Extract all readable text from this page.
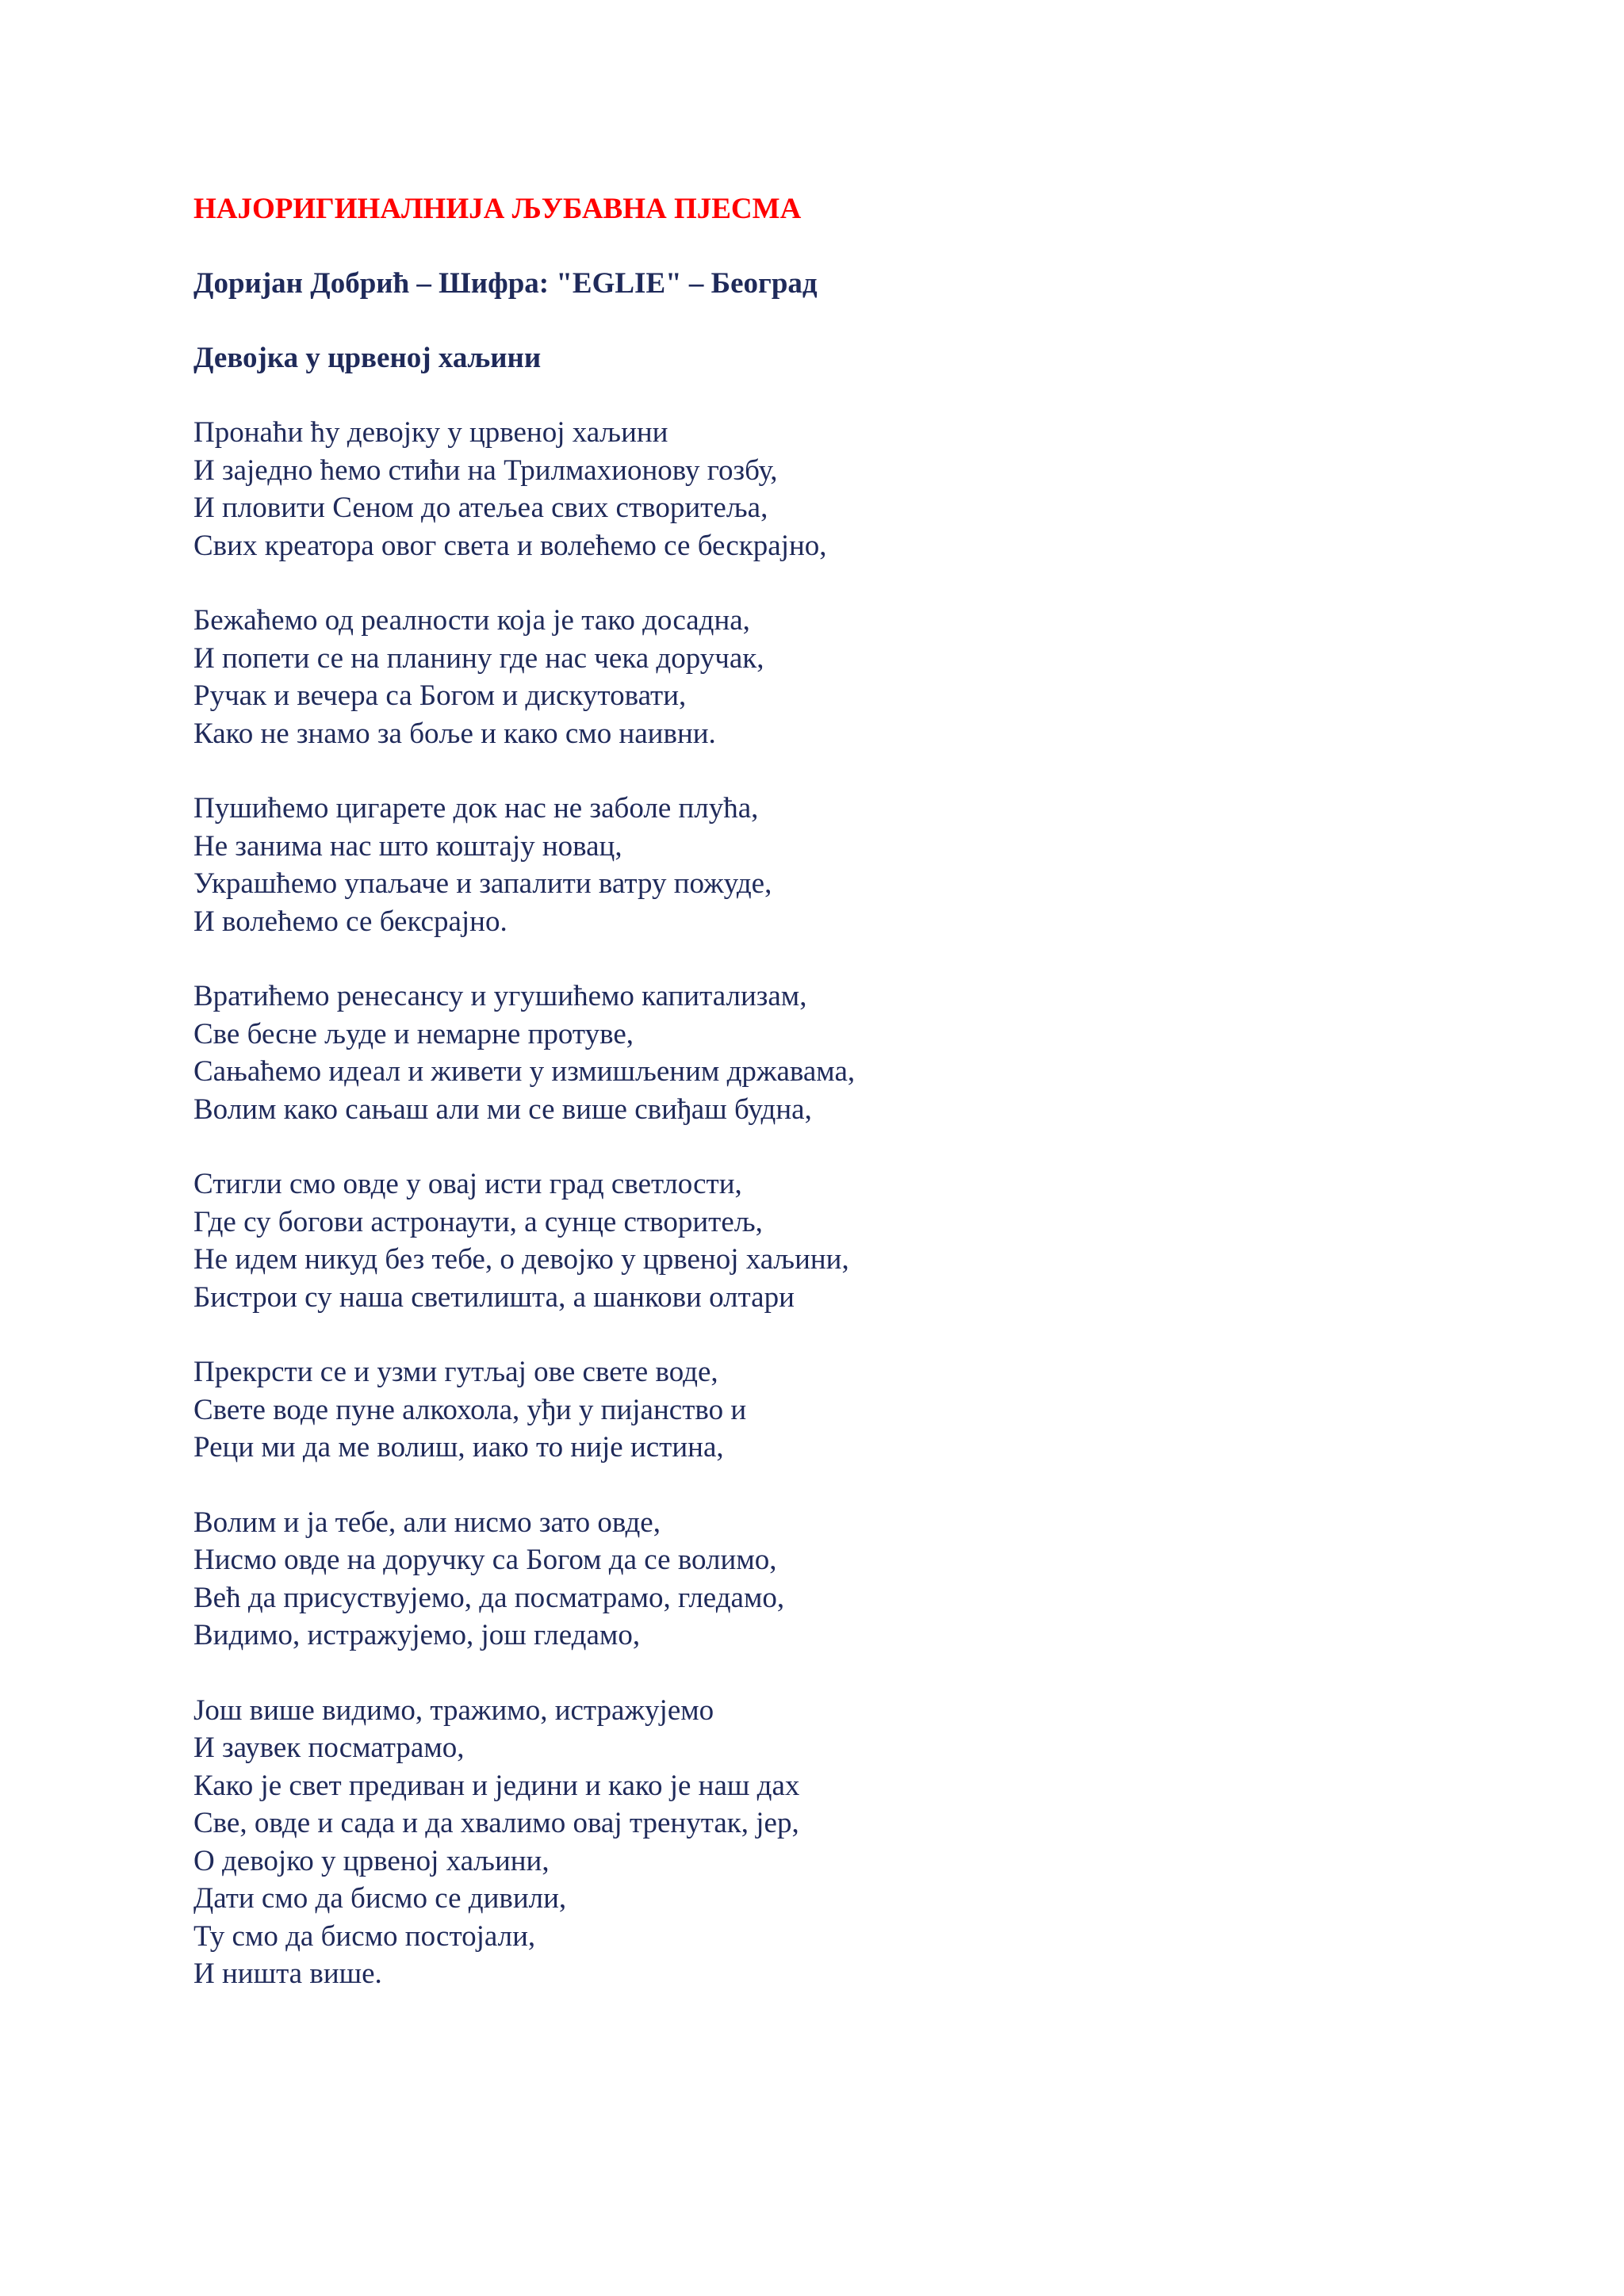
НАЈОРИГИНАЛНИЈА ЉУБАВНА ПЈЕСМА
Доријан Добрић – Шифра: "EGLIE" – Београд
Девојка у црвеној хаљини
Пронаћи ћу девојку у црвеној хаљини
И заједно ћемо стићи на Трилмахионову гозбу,
И пловити Сеном до атељеа свих створитеља,
Свих креатора овог света и волећемо се бескрајно,
Бежаћемо од реалности која је тако досадна,
И попети се на планину где нас чека доручак,
Ручак и вечера са Богом и дискутовати,
Како не знамо за боље и како смо наивни.
Пушићемо цигарете док нас не заболе плућа,
Не занима нас што коштају новац,
Украшћемо упаљаче и запалити ватру пожуде,
И волећемо се бексрајно.
Вратићемо ренесансу и угушићемо капитализам,
Све бесне људе и немарне протуве,
Сањаћемо идеал и живети у измишљеним државама,
Волим како сањаш али ми се више свиђаш будна,
Стигли смо овде у овај исти град светлости,
Где су богови астронаути, а сунце створитељ,
Не идем никуд без тебе, о девојко у црвеној хаљини,
Бистрои су наша светилишта, а шанкови олтари
Прекрсти се и узми гутљај ове свете воде,
Свете воде пуне алкохола, уђи у пијанство и
Реци ми да ме волиш, иако то није истина,
Волим и ја тебе, али нисмо зато овде,
Нисмо овде на доручку са Богом да се волимо,
Већ да присуствујемо, да посматрамо, гледамо,
Видимо, истражујемо, још гледамо,
Још више видимо, тражимо, истражујемо
И заувек посматрамо,
Како је свет предиван и једини и како је наш дах
Све, овде и сада и да хвалимо овај тренутак, јер,
О девојко у црвеној хаљини,
Дати смо да бисмо се дивили,
Ту смо да бисмо постојали,
И ништа више.
